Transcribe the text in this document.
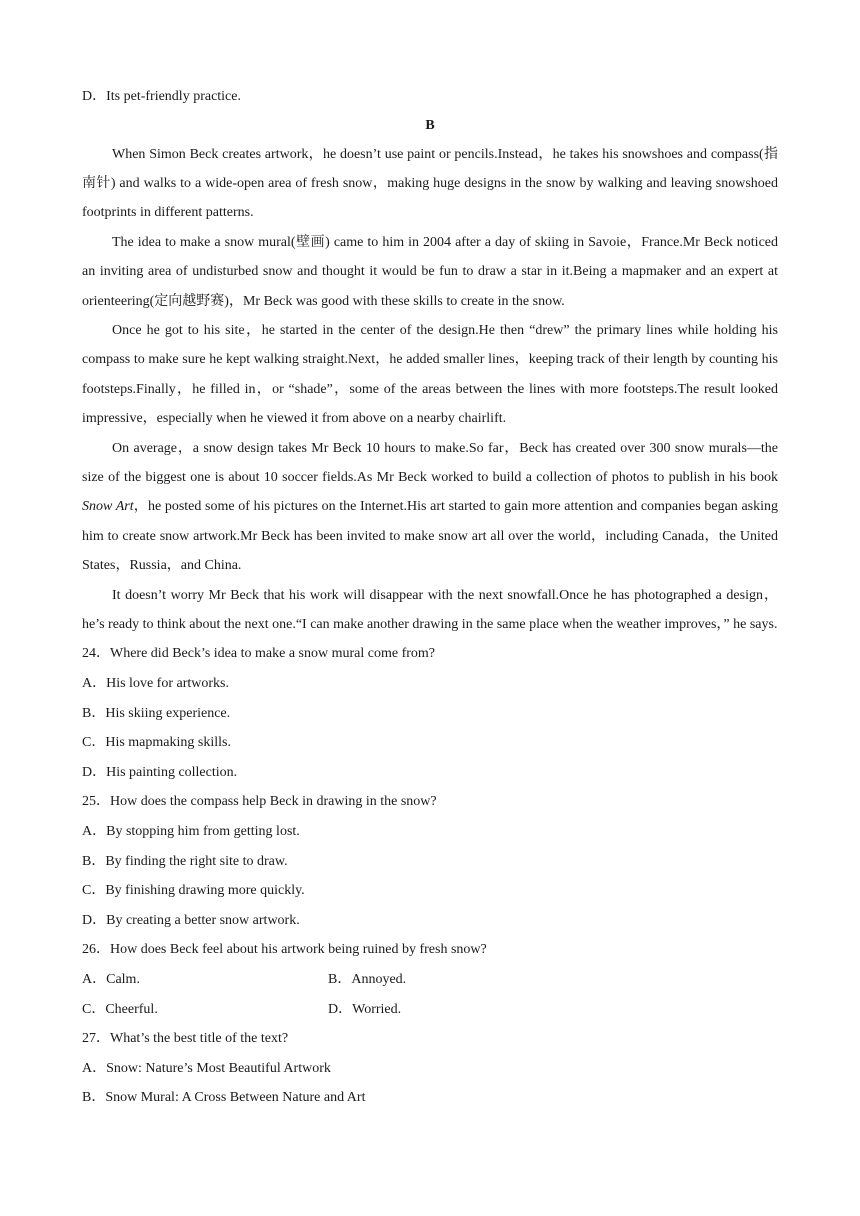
D．Its pet-friendly practice.

B

When Simon Beck creates artwork，he doesn’t use paint or pencils.Instead，he takes his snowshoes and compass(指南针) and walks to a wide-open area of fresh snow，making huge designs in the snow by walking and leaving snowshoed footprints in different patterns.

The idea to make a snow mural(壁画) came to him in 2004 after a day of skiing in Savoie，France.Mr Beck noticed an inviting area of undisturbed snow and thought it would be fun to draw a star in it.Being a mapmaker and an expert at orienteering(定向越野赛)，Mr Beck was good with these skills to create in the snow.

Once he got to his site，he started in the center of the design.He then “drew” the primary lines while holding his compass to make sure he kept walking straight.Next，he added smaller lines，keeping track of their length by counting his footsteps.Finally，he filled in，or “shade”，some of the areas between the lines with more footsteps.The result looked impressive，especially when he viewed it from above on a nearby chairlift.

On average，a snow design takes Mr Beck 10 hours to make.So far，Beck has created over 300 snow murals—the size of the biggest one is about 10 soccer fields.As Mr Beck worked to build a collection of photos to publish in his book Snow Art，he posted some of his pictures on the Internet.His art started to gain more attention and companies began asking him to create snow artwork.Mr Beck has been invited to make snow art all over the world，including Canada，the United States，Russia，and China.

It doesn’t worry Mr Beck that his work will disappear with the next snowfall.Once he has photographed a design，he’s ready to think about the next one.“I can make another drawing in the same place when the weather improves，” he says.

24．Where did Beck’s idea to make a snow mural come from?

A．His love for artworks.

B．His skiing experience.

C．His mapmaking skills.

D．His painting collection.

25．How does the compass help Beck in drawing in the snow?

A．By stopping him from getting lost.

B．By finding the right site to draw.

C．By finishing drawing more quickly.

D．By creating a better snow artwork.

26．How does Beck feel about his artwork being ruined by fresh snow?

A．Calm.	B．Annoyed.
C．Cheerful.	D．Worried.

27．What’s the best title of the text?

A．Snow: Nature’s Most Beautiful Artwork

B．Snow Mural: A Cross Between Nature and Art
